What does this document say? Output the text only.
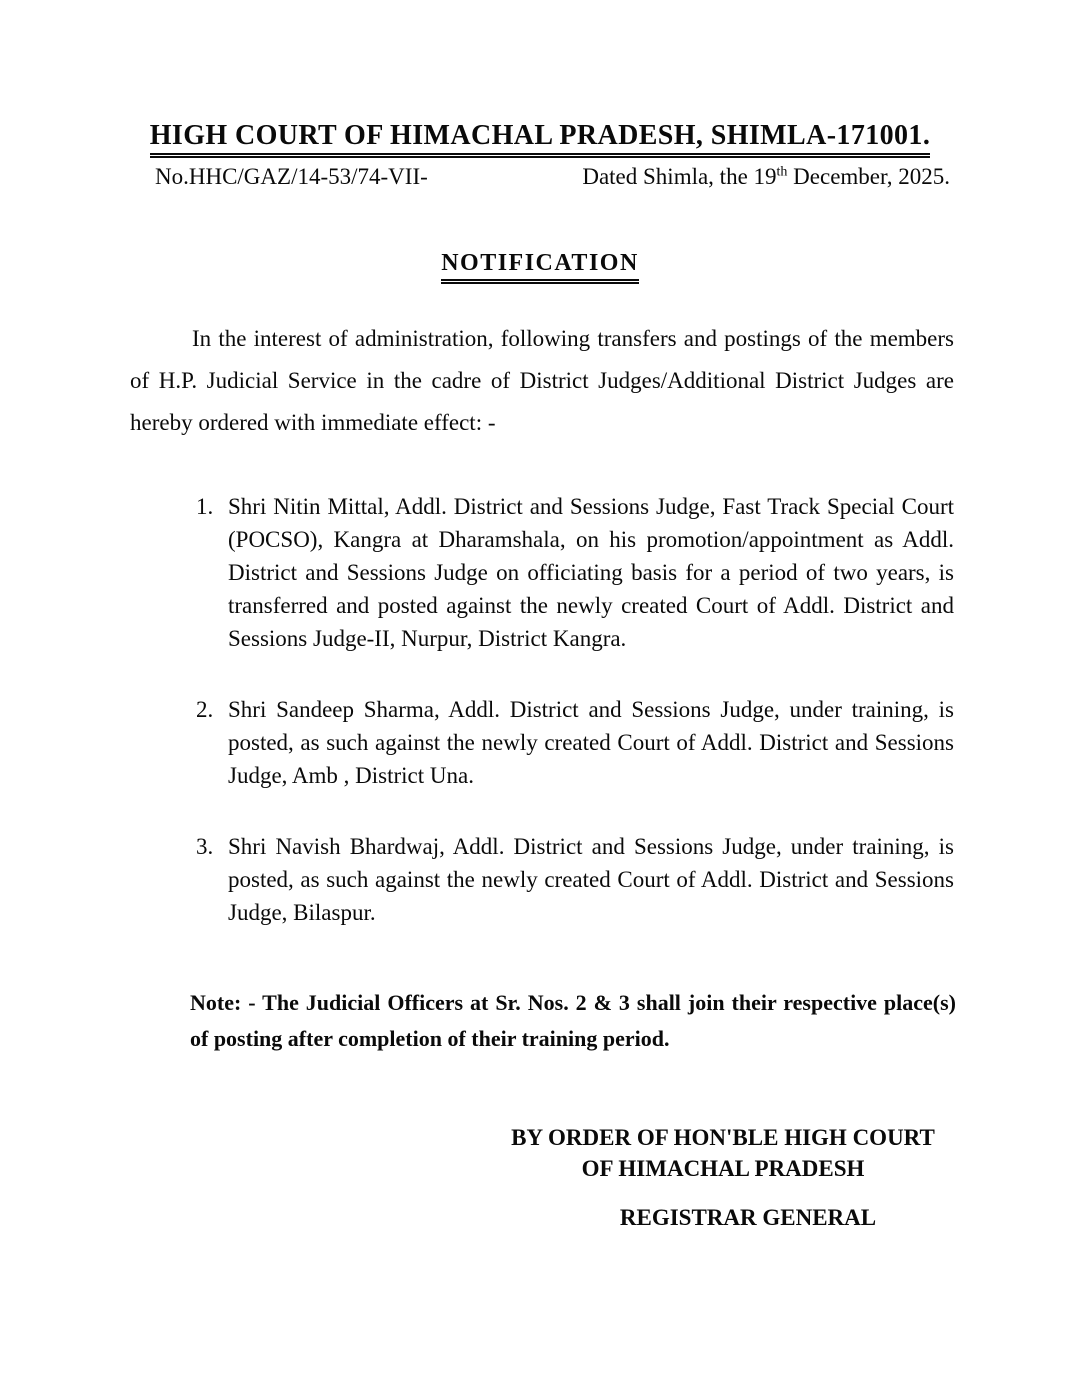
HIGH COURT OF HIMACHAL PRADESH, SHIMLA-171001.
No.HHC/GAZ/14-53/74-VII-	Dated Shimla, the 19th December, 2025.
NOTIFICATION

In the interest of administration, following transfers and postings of the members of H.P. Judicial Service in the cadre of District Judges/Additional District Judges are hereby ordered with immediate effect: -

1. Shri Nitin Mittal, Addl. District and Sessions Judge, Fast Track Special Court (POCSO), Kangra at Dharamshala, on his promotion/appointment as Addl. District and Sessions Judge on officiating basis for a period of two years, is transferred and posted against the newly created Court of Addl. District and Sessions Judge-II, Nurpur, District Kangra.
2. Shri Sandeep Sharma, Addl. District and Sessions Judge, under training, is posted, as such against the newly created Court of Addl. District and Sessions Judge, Amb , District Una.
3. Shri Navish Bhardwaj, Addl. District and Sessions Judge, under training, is posted, as such against the newly created Court of Addl. District and Sessions Judge, Bilaspur.

Note: - The Judicial Officers at Sr. Nos. 2 & 3 shall join their respective place(s) of posting after completion of their training period.

BY ORDER OF HON'BLE HIGH COURT
OF HIMACHAL PRADESH
REGISTRAR GENERAL
